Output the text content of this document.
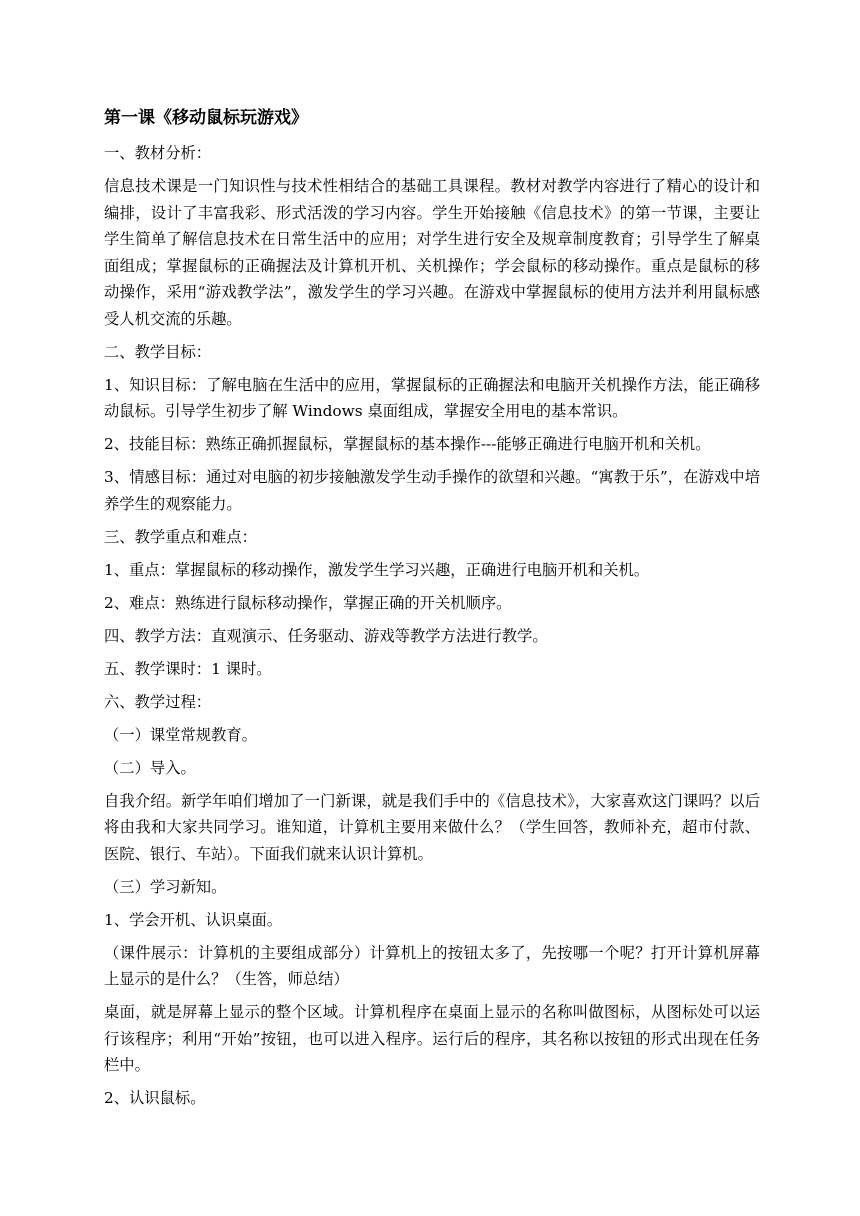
第一课《移动鼠标玩游戏》
一、教材分析：
信息技术课是一门知识性与技术性相结合的基础工具课程。教材对教学内容进行了精心的设计和编排，设计了丰富我彩、形式活泼的学习内容。学生开始接触《信息技术》的第一节课，主要让学生简单了解信息技术在日常生活中的应用；对学生进行安全及规章制度教育；引导学生了解桌面组成；掌握鼠标的正确握法及计算机开机、关机操作；学会鼠标的移动操作。重点是鼠标的移动操作，采用“游戏教学法”，激发学生的学习兴趣。在游戏中掌握鼠标的使用方法并利用鼠标感受人机交流的乐趣。
二、教学目标：
1、知识目标：了解电脑在生活中的应用，掌握鼠标的正确握法和电脑开关机操作方法，能正确移动鼠标。引导学生初步了解 Windows 桌面组成，掌握安全用电的基本常识。
2、技能目标：熟练正确抓握鼠标，掌握鼠标的基本操作---能够正确进行电脑开机和关机。
3、情感目标：通过对电脑的初步接触激发学生动手操作的欲望和兴趣。“寓教于乐”，在游戏中培养学生的观察能力。
三、教学重点和难点：
1、重点：掌握鼠标的移动操作，激发学生学习兴趣，正确进行电脑开机和关机。
2、难点：熟练进行鼠标移动操作，掌握正确的开关机顺序。
四、教学方法：直观演示、任务驱动、游戏等教学方法进行教学。
五、教学课时：1 课时。
六、教学过程：
（一）课堂常规教育。
（二）导入。
自我介绍。新学年咱们增加了一门新课，就是我们手中的《信息技术》，大家喜欢这门课吗？以后将由我和大家共同学习。谁知道，计算机主要用来做什么？（学生回答，教师补充，超市付款、医院、银行、车站）。下面我们就来认识计算机。
（三）学习新知。
1、学会开机、认识桌面。
（课件展示：计算机的主要组成部分）计算机上的按钮太多了，先按哪一个呢？打开计算机屏幕上显示的是什么？（生答，师总结）
桌面，就是屏幕上显示的整个区域。计算机程序在桌面上显示的名称叫做图标，从图标处可以运行该程序；利用“开始”按钮，也可以进入程序。运行后的程序，其名称以按钮的形式出现在任务栏中。
2、认识鼠标。
